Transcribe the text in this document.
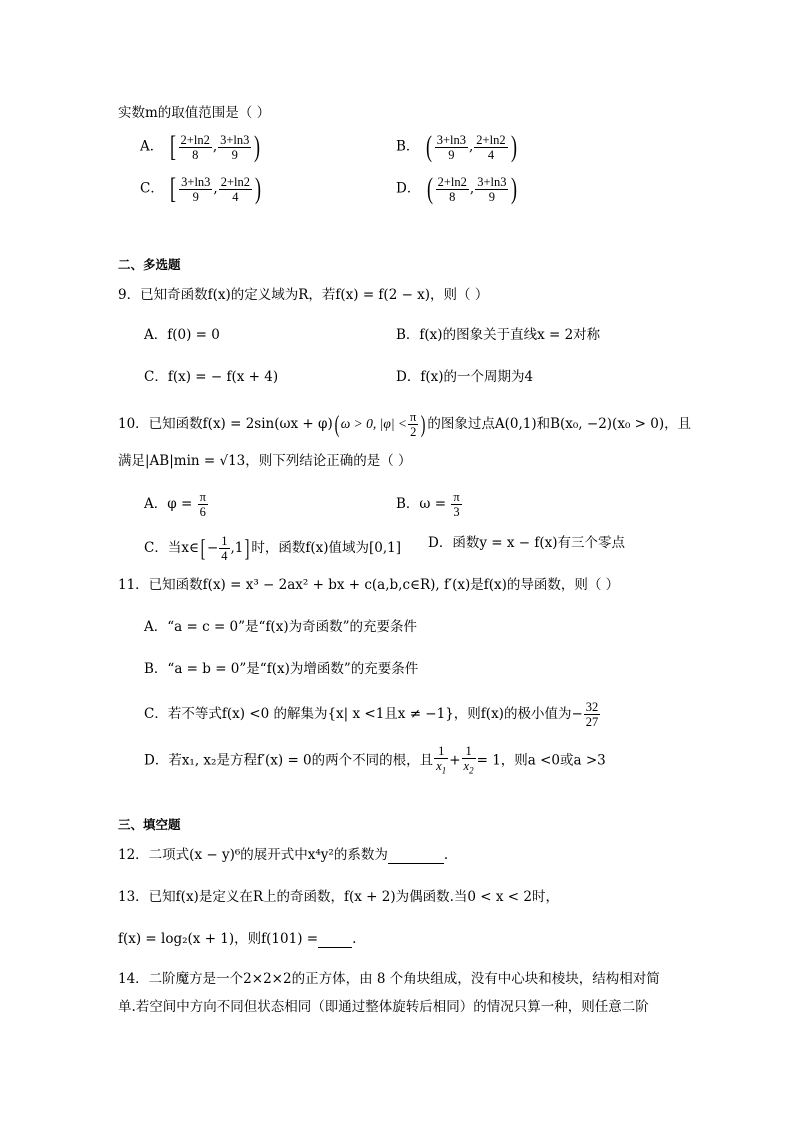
实数m的取值范围是（ ）
A． [ $\frac{2+\ln 2}{8}$ , $\frac{3+\ln 3}{9}$ )	B． ( $\frac{3+\ln 3}{9}$ , $\frac{2+\ln 2}{4}$ )
C． [ $\frac{3+\ln 3}{9}$ , $\frac{2+\ln 2}{4}$ )	D． ( $\frac{2+\ln 2}{8}$ , $\frac{3+\ln 3}{9}$ )
二、多选题
9．已知奇函数f(x)的定义域为R，若f(x) = f(2 − x)，则（ ）
A．f(0) = 0	B．f(x)的图象关于直线x = 2对称
C．f(x) = − f(x + 4)	D．f(x)的一个周期为4
10．已知函数f(x) = 2sin(ωx + φ)( ω > 0, $|\varphi| < \frac{\pi}{2}$ ) 的图象过点A(0,1)和B(x₀, −2)(x₀ > 0)，且
满足|AB|min = √13，则下列结论正确的是（ ）
A．$\varphi = \frac{\pi}{6}$	B．$\omega = \frac{\pi}{3}$
C．当x∈[ − $\frac{1}{4} ,1$] 时，函数f(x)值域为[0,1] D．函数y = x − f(x)有三个零点
11．已知函数f(x) = x³ − 2ax² + bx + c(a,b,c∈R), f′(x)是f(x)的导函数，则（ ）
A．“a = c = 0”是“f(x)为奇函数”的充要条件
B．“a = b = 0”是“f(x)为增函数”的充要条件
C．若不等式f(x) <0 的解集为{x| x <1且x ≠ −1}，则f(x)的极小值为− $\frac{32}{27}$
D．若x₁, x₂是方程f′(x) = 0的两个不同的根，且 $\frac{1}{x_1} + \frac{1}{x_2} = 1$，则a <0或a >3
三、填空题
12．二项式(x − y)⁶的展开式中x⁴y²的系数为	.
13．已知f(x)是定义在R上的奇函数，f(x + 2)为偶函数.当0 < x < 2时，
f(x) = log₂(x + 1)，则f(101) =	.
14．二阶魔方是一个2×2×2的正方体，由 8 个角块组成，没有中心块和棱块，结构相对简
单.若空间中方向不同但状态相同（即通过整体旋转后相同）的情况只算一种，则任意二阶
